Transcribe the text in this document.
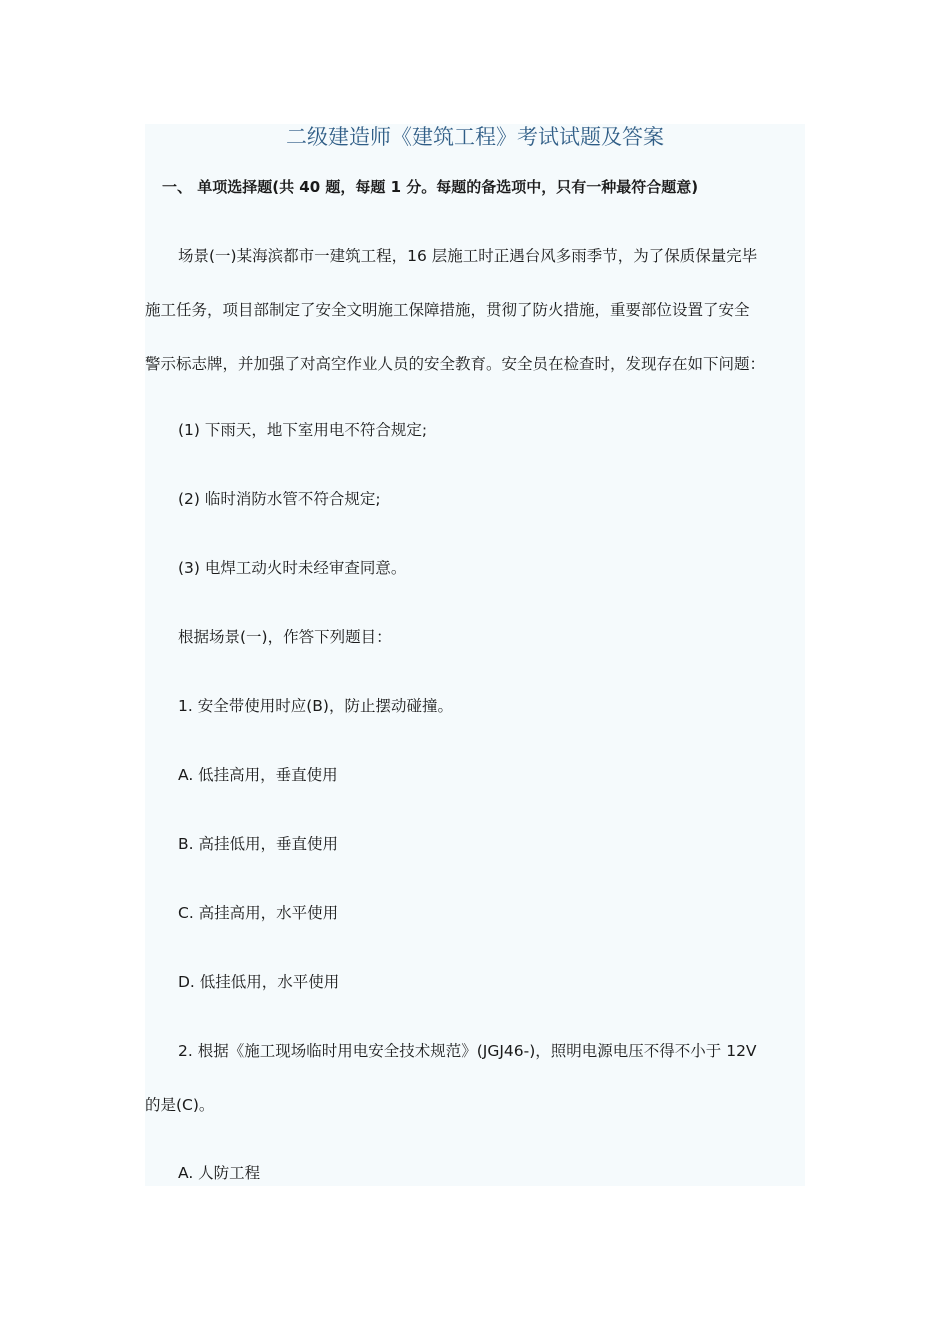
二级建造师《建筑工程》考试试题及答案
一、 单项选择题(共 40 题，每题 1 分。每题的备选项中，只有一种最符合题意)
场景(一)某海滨都市一建筑工程，16 层施工时正遇台风多雨季节，为了保质保量完毕
施工任务，项目部制定了安全文明施工保障措施，贯彻了防火措施，重要部位设置了安全
警示标志牌，并加强了对高空作业人员的安全教育。安全员在检查时，发现存在如下问题：
(1) 下雨天，地下室用电不符合规定;
(2) 临时消防水管不符合规定;
(3) 电焊工动火时未经审查同意。
根据场景(一)，作答下列题目：
1. 安全带使用时应(B)，防止摆动碰撞。
A. 低挂高用，垂直使用
B. 高挂低用，垂直使用
C. 高挂高用，水平使用
D. 低挂低用，水平使用
2. 根据《施工现场临时用电安全技术规范》(JGJ46-)，照明电源电压不得不小于 12V
的是(C)。
A. 人防工程
